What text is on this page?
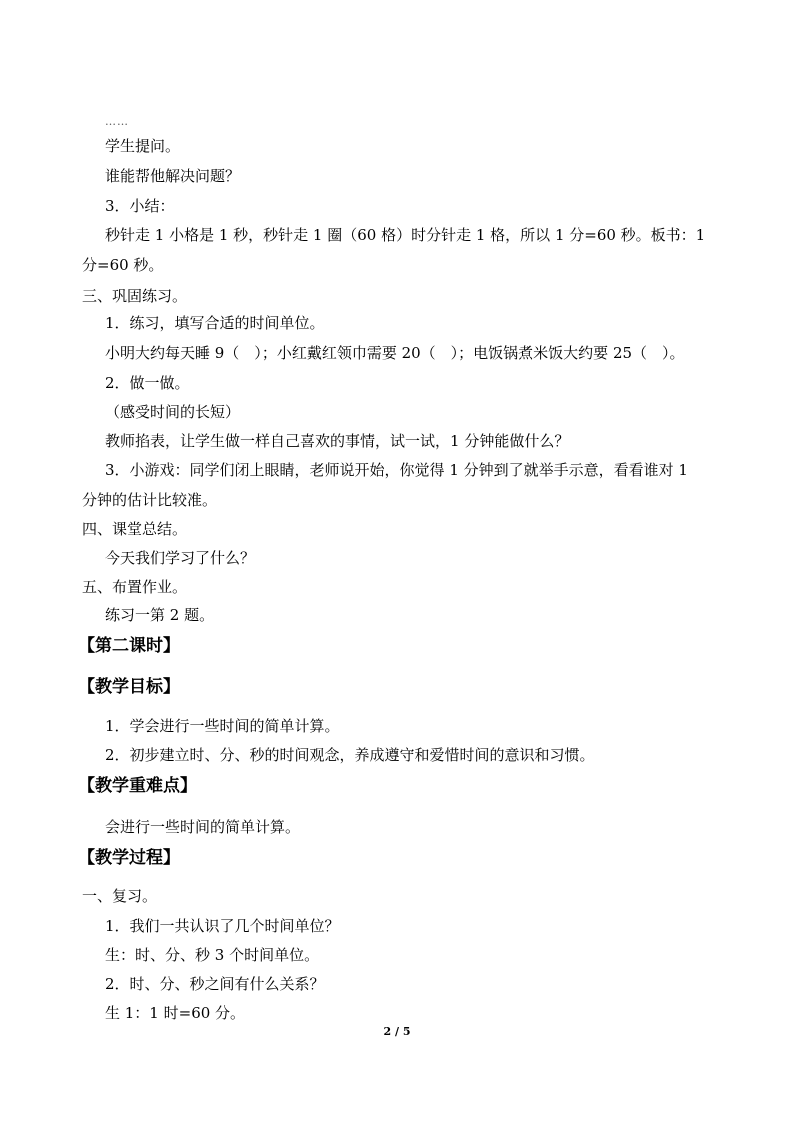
……
学生提问。
谁能帮他解决问题？
3．小结：
秒针走 1 小格是 1 秒，秒针走 1 圈（60 格）时分针走 1 格，所以 1 分=60 秒。板书：1
分=60 秒。
三、巩固练习。
1．练习，填写合适的时间单位。
小明大约每天睡 9（　）；小红戴红领巾需要 20（　）；电饭锅煮米饭大约要 25（　）。
2．做一做。
（感受时间的长短）
教师掐表，让学生做一样自己喜欢的事情，试一试，1 分钟能做什么？
3．小游戏：同学们闭上眼睛，老师说开始，你觉得 1 分钟到了就举手示意，看看谁对 1
分钟的估计比较准。
四、课堂总结。
今天我们学习了什么？
五、布置作业。
练习一第 2 题。
【第二课时】
【教学目标】
1．学会进行一些时间的简单计算。
2．初步建立时、分、秒的时间观念，养成遵守和爱惜时间的意识和习惯。
【教学重难点】
会进行一些时间的简单计算。
【教学过程】
一、复习。
1．我们一共认识了几个时间单位？
生：时、分、秒 3 个时间单位。
2．时、分、秒之间有什么关系？
生 1：1 时=60 分。
2 / 5
